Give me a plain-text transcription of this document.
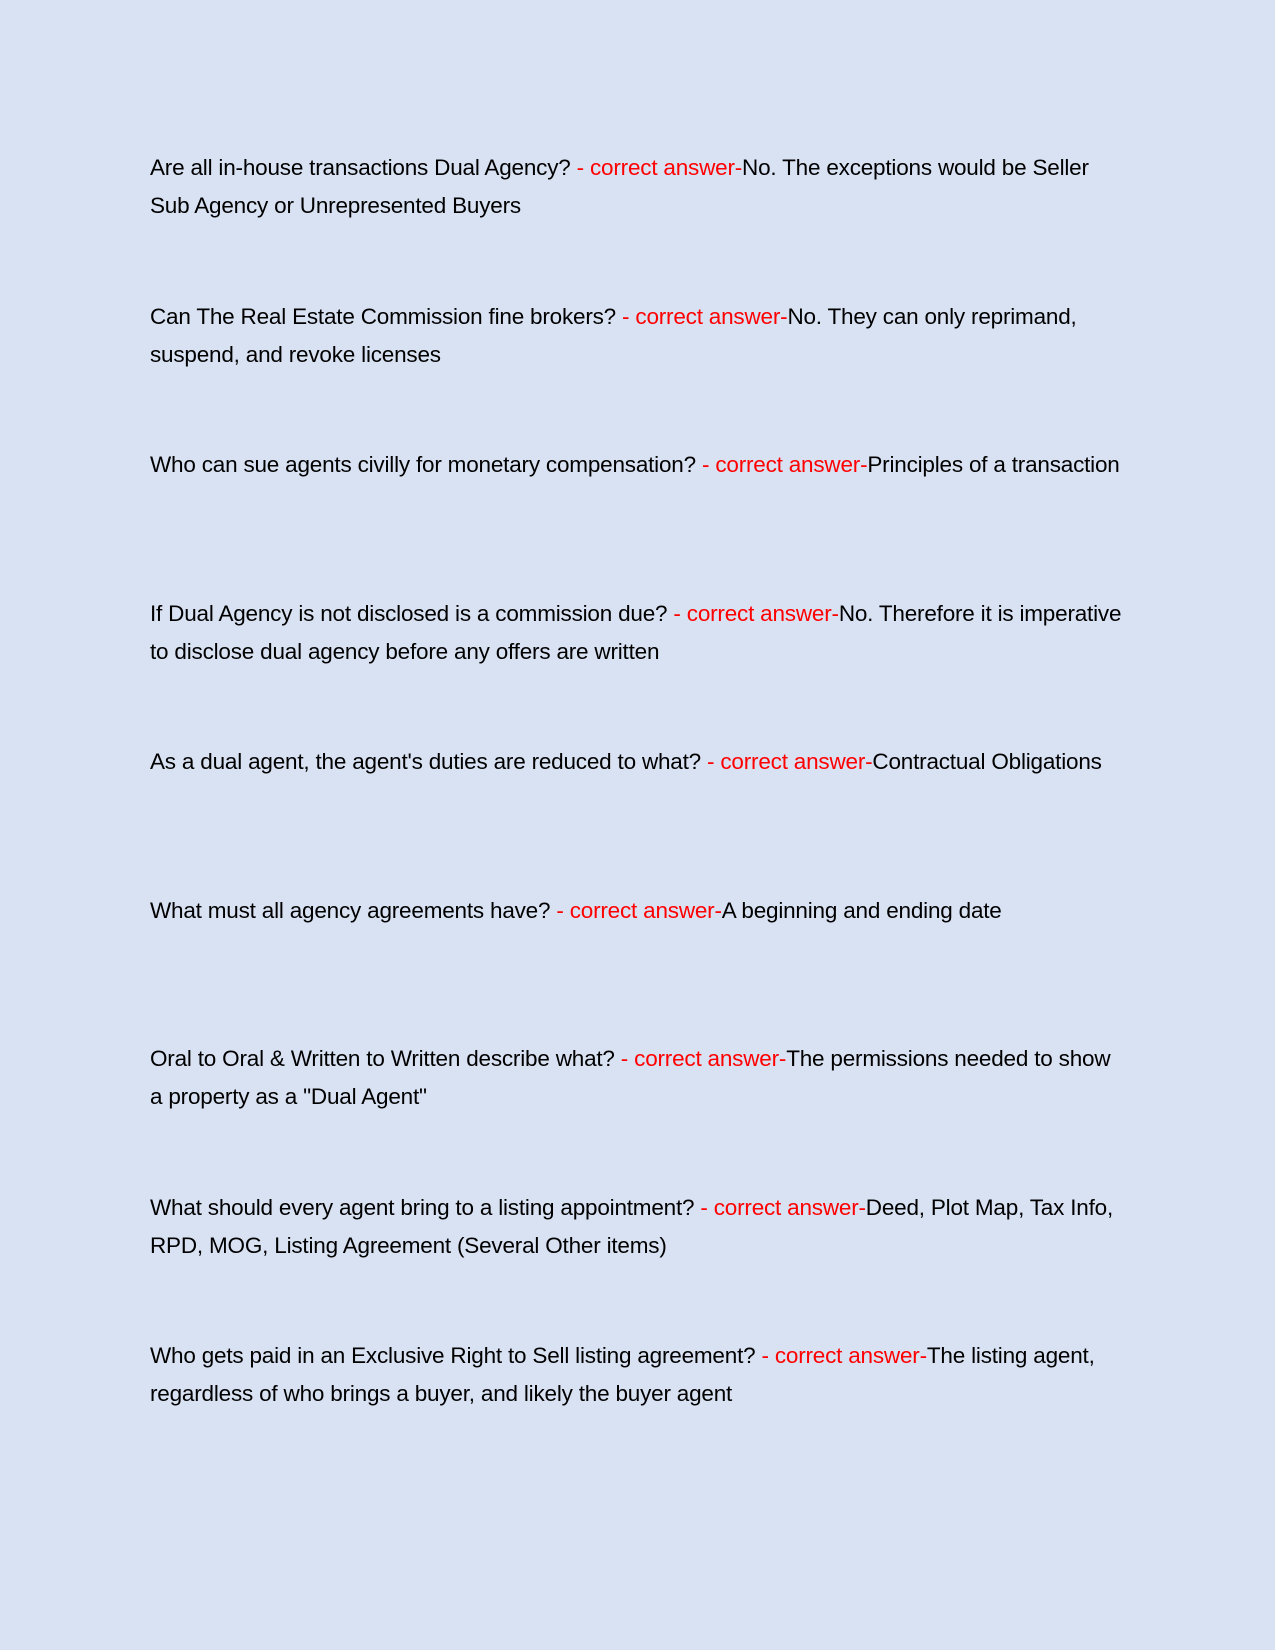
Are all in-house transactions Dual Agency? - correct answer-No. The exceptions would be Seller Sub Agency or Unrepresented Buyers
Can The Real Estate Commission fine brokers? - correct answer-No. They can only reprimand, suspend, and revoke licenses
Who can sue agents civilly for monetary compensation? - correct answer-Principles of a transaction
If Dual Agency is not disclosed is a commission due? - correct answer-No. Therefore it is imperative to disclose dual agency before any offers are written
As a dual agent, the agent's duties are reduced to what? - correct answer-Contractual Obligations
What must all agency agreements have? - correct answer-A beginning and ending date
Oral to Oral & Written to Written describe what? - correct answer-The permissions needed to show a property as a "Dual Agent"
What should every agent bring to a listing appointment? - correct answer-Deed, Plot Map, Tax Info, RPD, MOG, Listing Agreement (Several Other items)
Who gets paid in an Exclusive Right to Sell listing agreement? - correct answer-The listing agent, regardless of who brings a buyer, and likely the buyer agent
